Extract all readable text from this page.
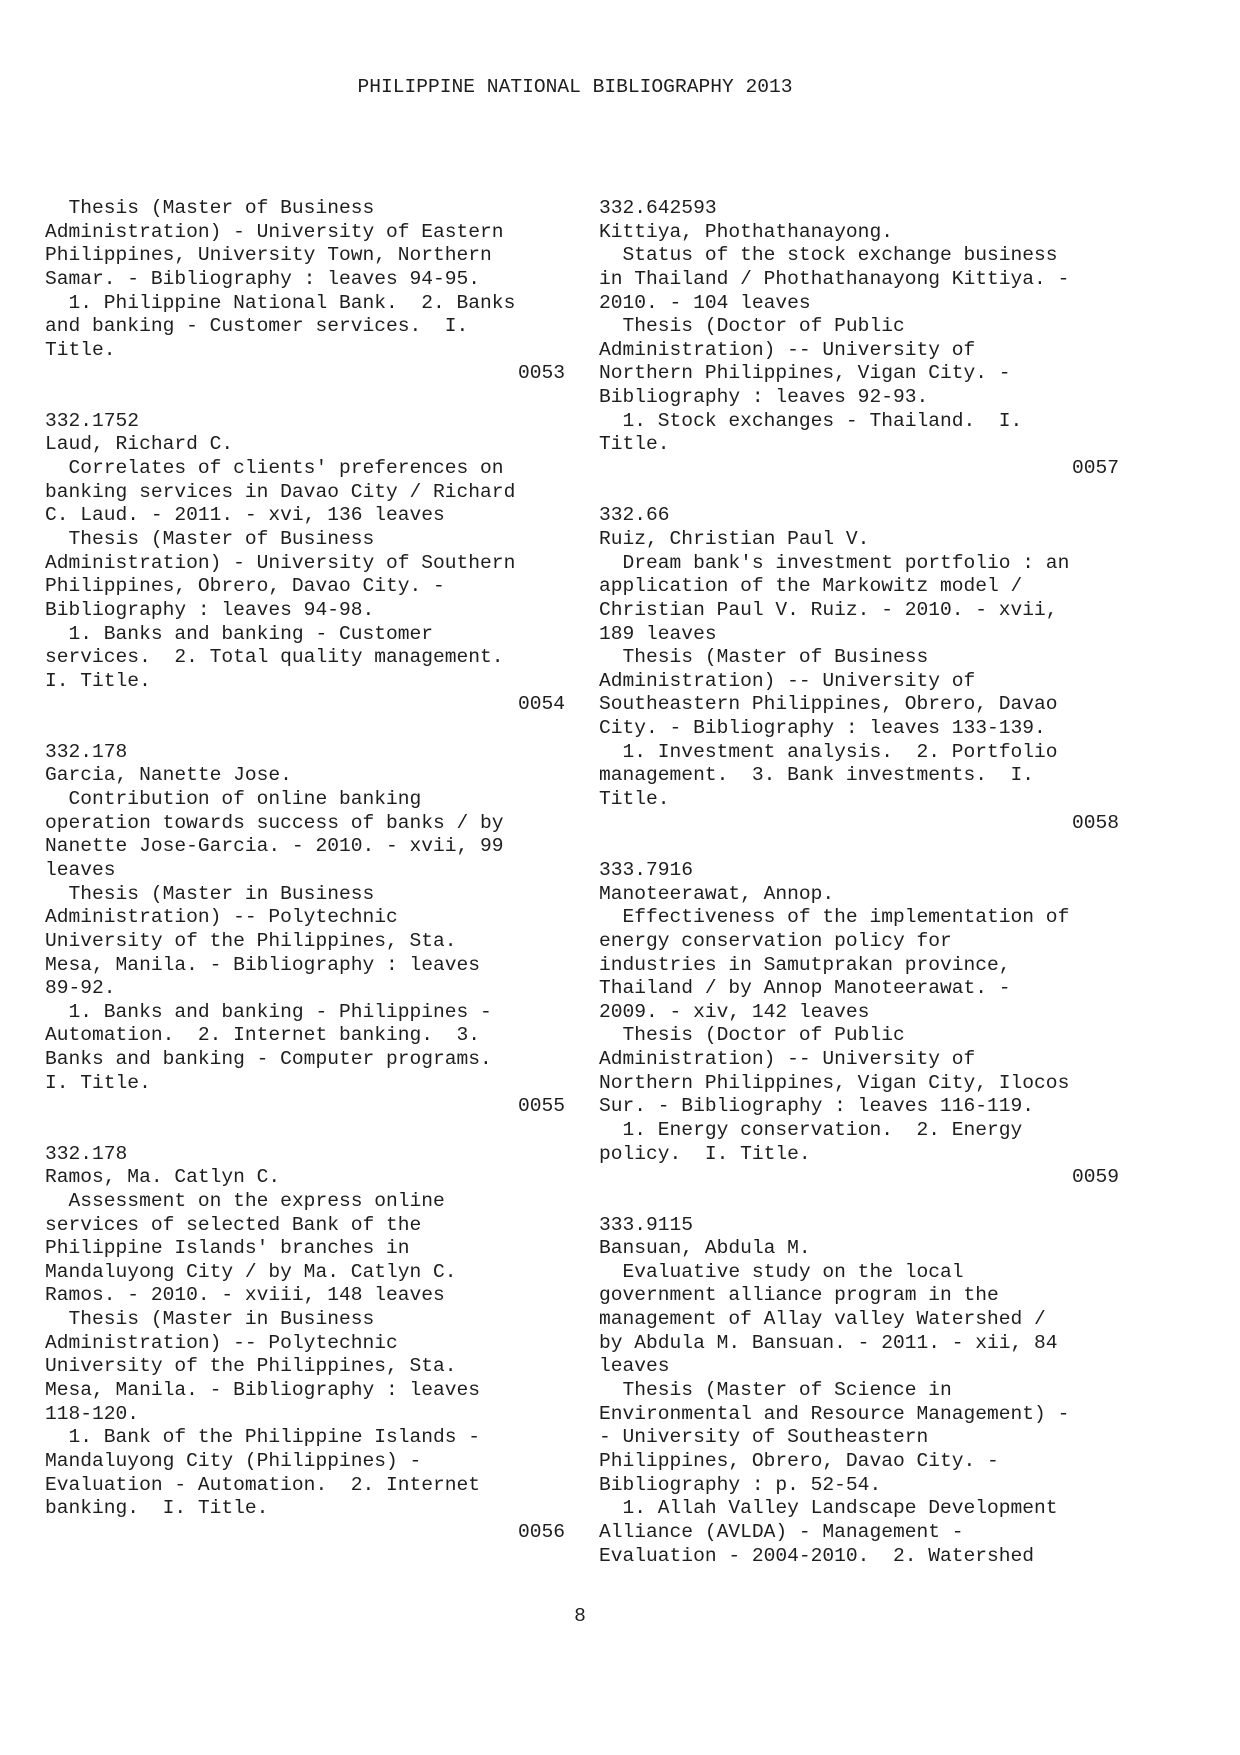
PHILIPPINE NATIONAL BIBLIOGRAPHY 2013
Thesis (Master of Business
Administration) - University of Eastern
Philippines, University Town, Northern
Samar. - Bibliography : leaves 94-95.
1. Philippine National Bank.  2. Banks
and banking - Customer services.  I.
Title.
0053
332.1752
Laud, Richard C.
Correlates of clients' preferences on
banking services in Davao City / Richard
C. Laud. - 2011. - xvi, 136 leaves
Thesis (Master of Business
Administration) - University of Southern
Philippines, Obrero, Davao City. -
Bibliography : leaves 94-98.
1. Banks and banking - Customer
services.  2. Total quality management.
I. Title.
0054
332.178
Garcia, Nanette Jose.
Contribution of online banking
operation towards success of banks / by
Nanette Jose-Garcia. - 2010. - xvii, 99
leaves
Thesis (Master in Business
Administration) -- Polytechnic
University of the Philippines, Sta.
Mesa, Manila. - Bibliography : leaves
89-92.
1. Banks and banking - Philippines -
Automation.  2. Internet banking.  3.
Banks and banking - Computer programs.
I. Title.
0055
332.178
Ramos, Ma. Catlyn C.
Assessment on the express online
services of selected Bank of the
Philippine Islands' branches in
Mandaluyong City / by Ma. Catlyn C.
Ramos. - 2010. - xviii, 148 leaves
Thesis (Master in Business
Administration) -- Polytechnic
University of the Philippines, Sta.
Mesa, Manila. - Bibliography : leaves
118-120.
1. Bank of the Philippine Islands -
Mandaluyong City (Philippines) -
Evaluation - Automation.  2. Internet
banking.  I. Title.
0056
332.642593
Kittiya, Phothathanayong.
Status of the stock exchange business
in Thailand / Phothathanayong Kittiya. -
2010. - 104 leaves
Thesis (Doctor of Public
Administration) -- University of
Northern Philippines, Vigan City. -
Bibliography : leaves 92-93.
1. Stock exchanges - Thailand.  I.
Title.
0057
332.66
Ruiz, Christian Paul V.
Dream bank's investment portfolio : an
application of the Markowitz model /
Christian Paul V. Ruiz. - 2010. - xvii,
189 leaves
Thesis (Master of Business
Administration) -- University of
Southeastern Philippines, Obrero, Davao
City. - Bibliography : leaves 133-139.
1. Investment analysis.  2. Portfolio
management.  3. Bank investments.  I.
Title.
0058
333.7916
Manoteerawat, Annop.
Effectiveness of the implementation of
energy conservation policy for
industries in Samutprakan province,
Thailand / by Annop Manoteerawat. -
2009. - xiv, 142 leaves
Thesis (Doctor of Public
Administration) -- University of
Northern Philippines, Vigan City, Ilocos
Sur. - Bibliography : leaves 116-119.
1. Energy conservation.  2. Energy
policy.  I. Title.
0059
333.9115
Bansuan, Abdula M.
Evaluative study on the local
government alliance program in the
management of Allay valley Watershed /
by Abdula M. Bansuan. - 2011. - xii, 84
leaves
Thesis (Master of Science in
Environmental and Resource Management) -
- University of Southeastern
Philippines, Obrero, Davao City. -
Bibliography : p. 52-54.
1. Allah Valley Landscape Development
Alliance (AVLDA) - Management -
Evaluation - 2004-2010.  2. Watershed
8
